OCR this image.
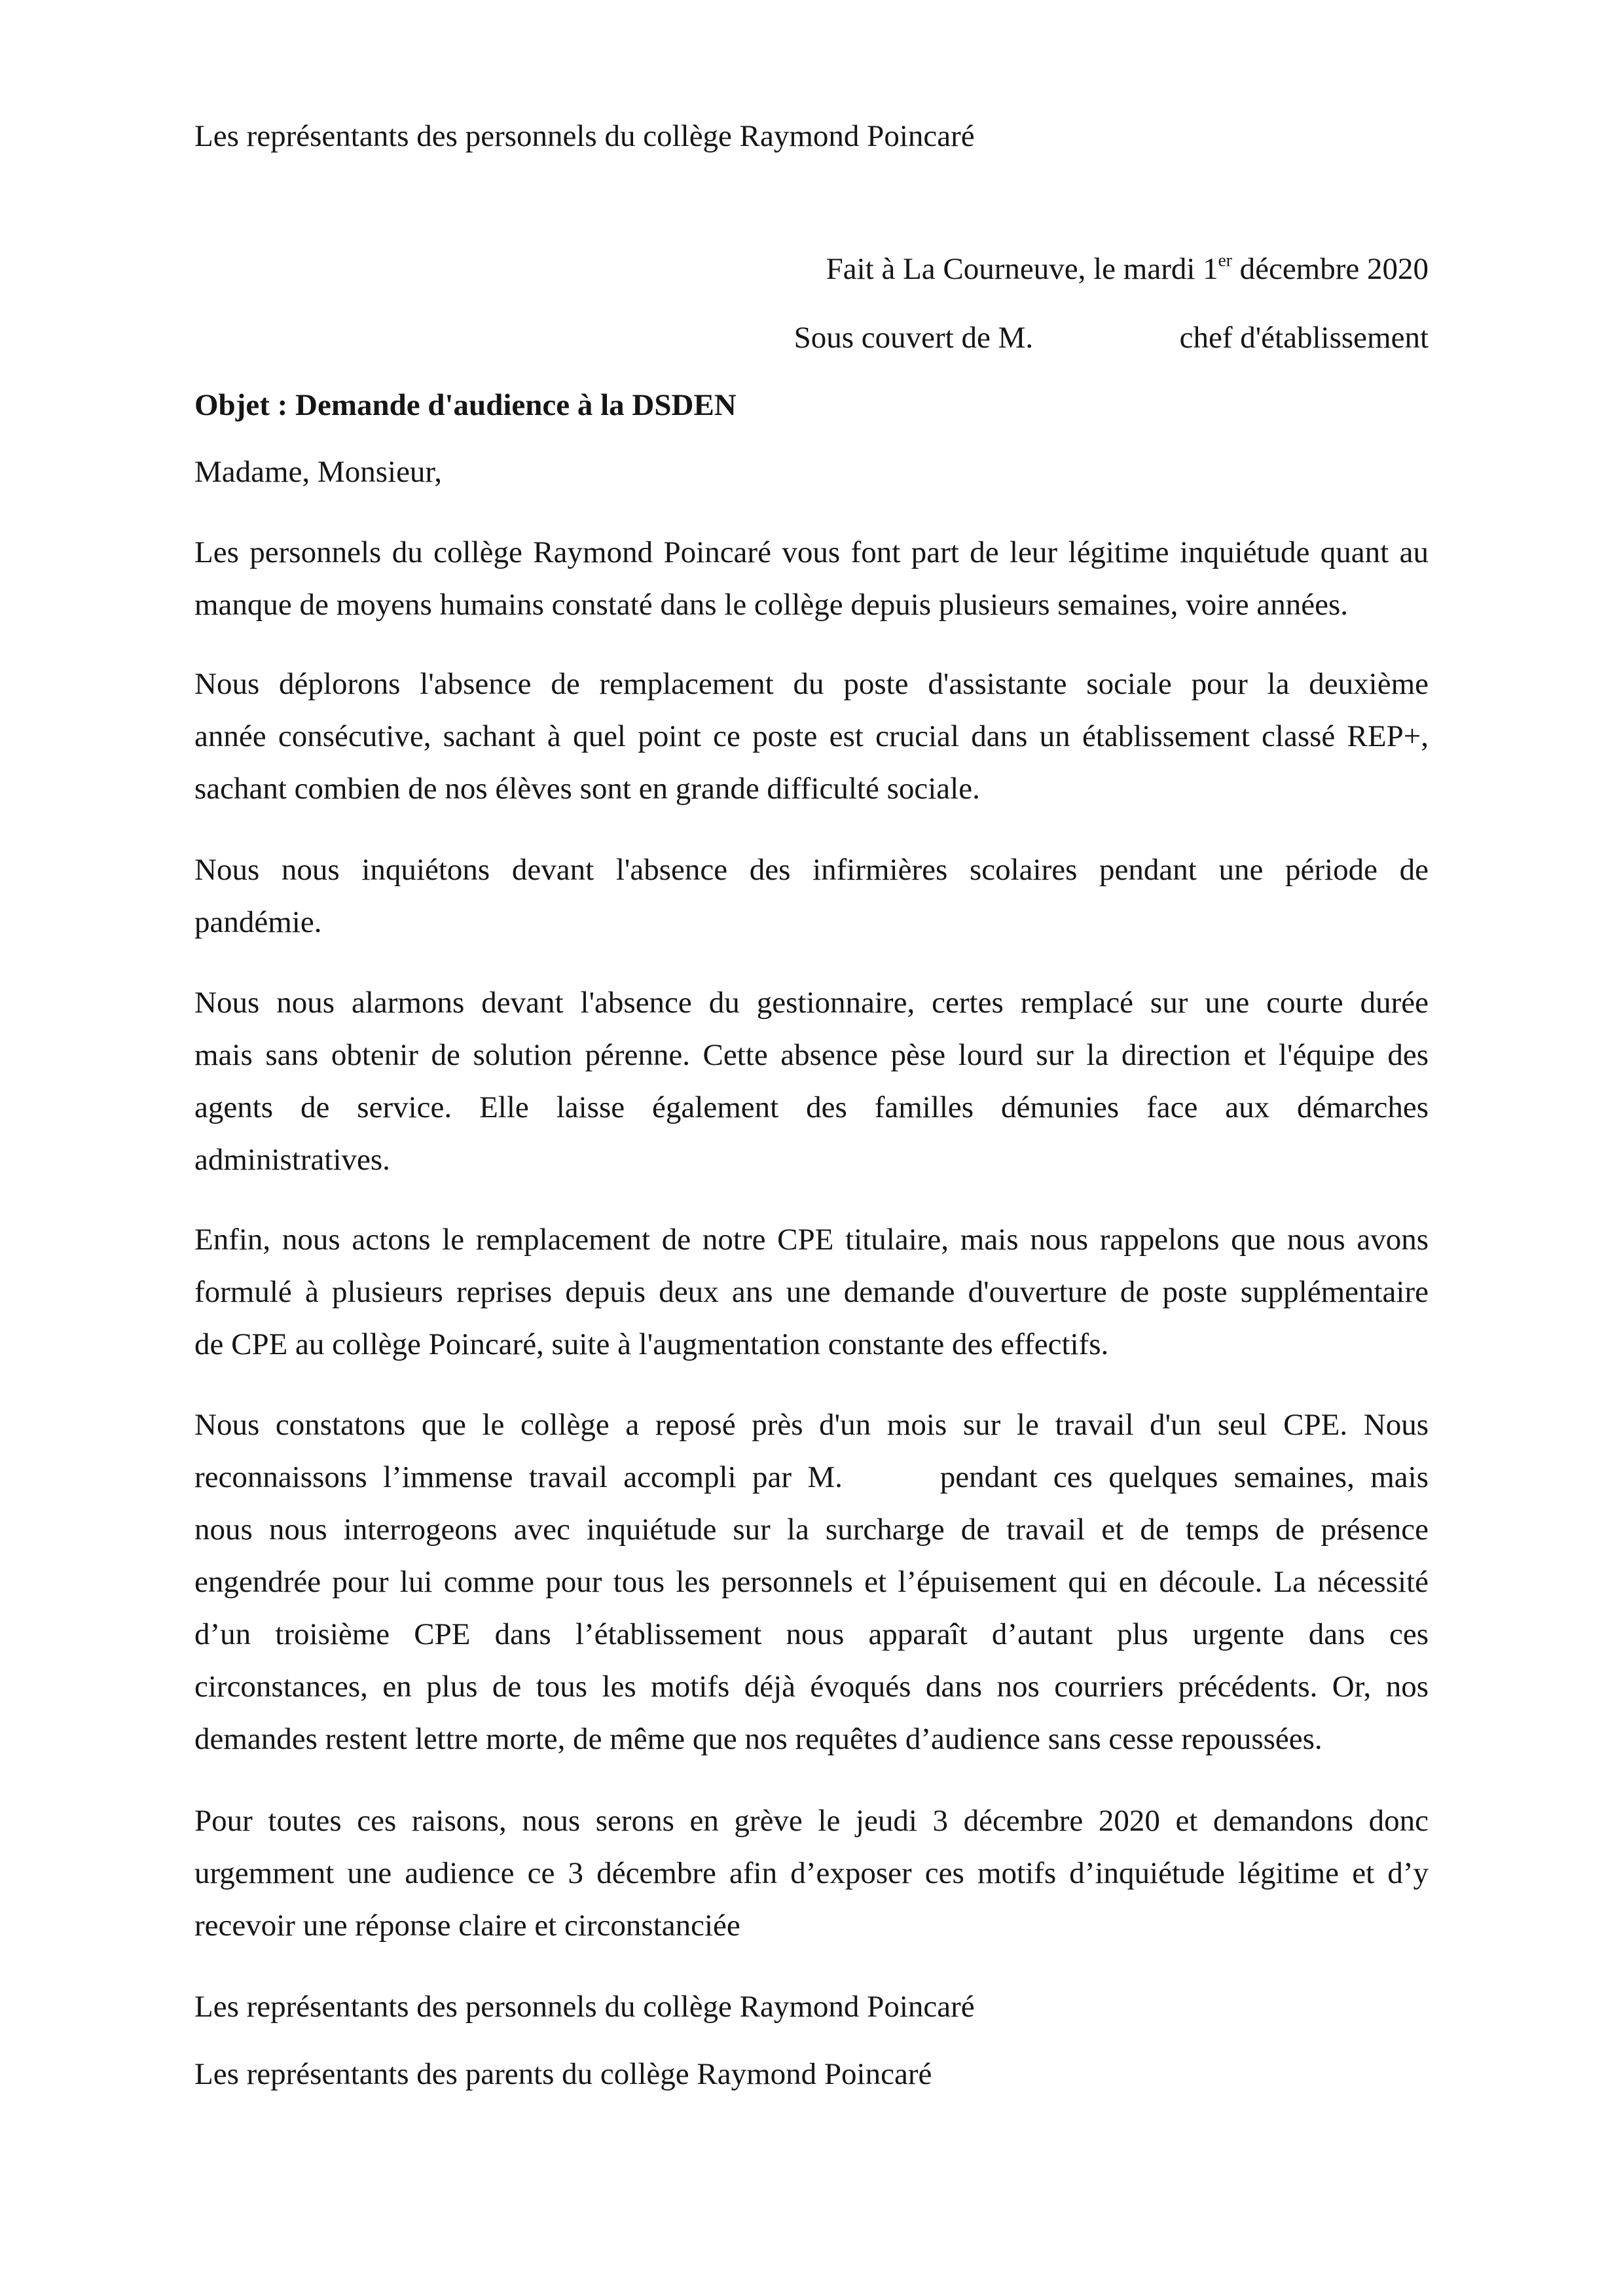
Les représentants des personnels du collège Raymond Poincaré
Fait à La Courneuve, le mardi 1er décembre 2020
Sous couvert de M.	chef d'établissement
Objet : Demande d'audience à la DSDEN
Madame, Monsieur,
Les personnels du collège Raymond Poincaré vous font part de leur légitime inquiétude quant au
manque de moyens humains constaté dans le collège depuis plusieurs semaines, voire années.
Nous déplorons l'absence de remplacement du poste d'assistante sociale pour la deuxième
année consécutive, sachant à quel point ce poste est crucial dans un établissement classé REP+,
sachant combien de nos élèves sont en grande difficulté sociale.
Nous nous inquiétons devant l'absence des infirmières scolaires pendant une période de
pandémie.
Nous nous alarmons devant l'absence du gestionnaire, certes remplacé sur une courte durée
mais sans obtenir de solution pérenne. Cette absence pèse lourd sur la direction et l'équipe des
agents de service. Elle laisse également des familles démunies face aux démarches
administratives.
Enfin, nous actons le remplacement de notre CPE titulaire, mais nous rappelons que nous avons
formulé à plusieurs reprises depuis deux ans une demande d'ouverture de poste supplémentaire
de CPE au collège Poincaré, suite à l'augmentation constante des effectifs.
Nous constatons que le collège a reposé près d'un mois sur le travail d'un seul CPE. Nous
reconnaissons l’immense travail accompli par M.	pendant ces quelques semaines, mais
nous nous interrogeons avec inquiétude sur la surcharge de travail et de temps de présence
engendrée pour lui comme pour tous les personnels et l’épuisement qui en découle. La nécessité
d’un troisième CPE dans l’établissement nous apparaît d’autant plus urgente dans ces
circonstances, en plus de tous les motifs déjà évoqués dans nos courriers précédents. Or, nos
demandes restent lettre morte, de même que nos requêtes d’audience sans cesse repoussées.
Pour toutes ces raisons, nous serons en grève le jeudi 3 décembre 2020 et demandons donc
urgemment une audience ce 3 décembre afin d’exposer ces motifs d’inquiétude légitime et d’y
recevoir une réponse claire et circonstanciée
Les représentants des personnels du collège Raymond Poincaré
Les représentants des parents du collège Raymond Poincaré
